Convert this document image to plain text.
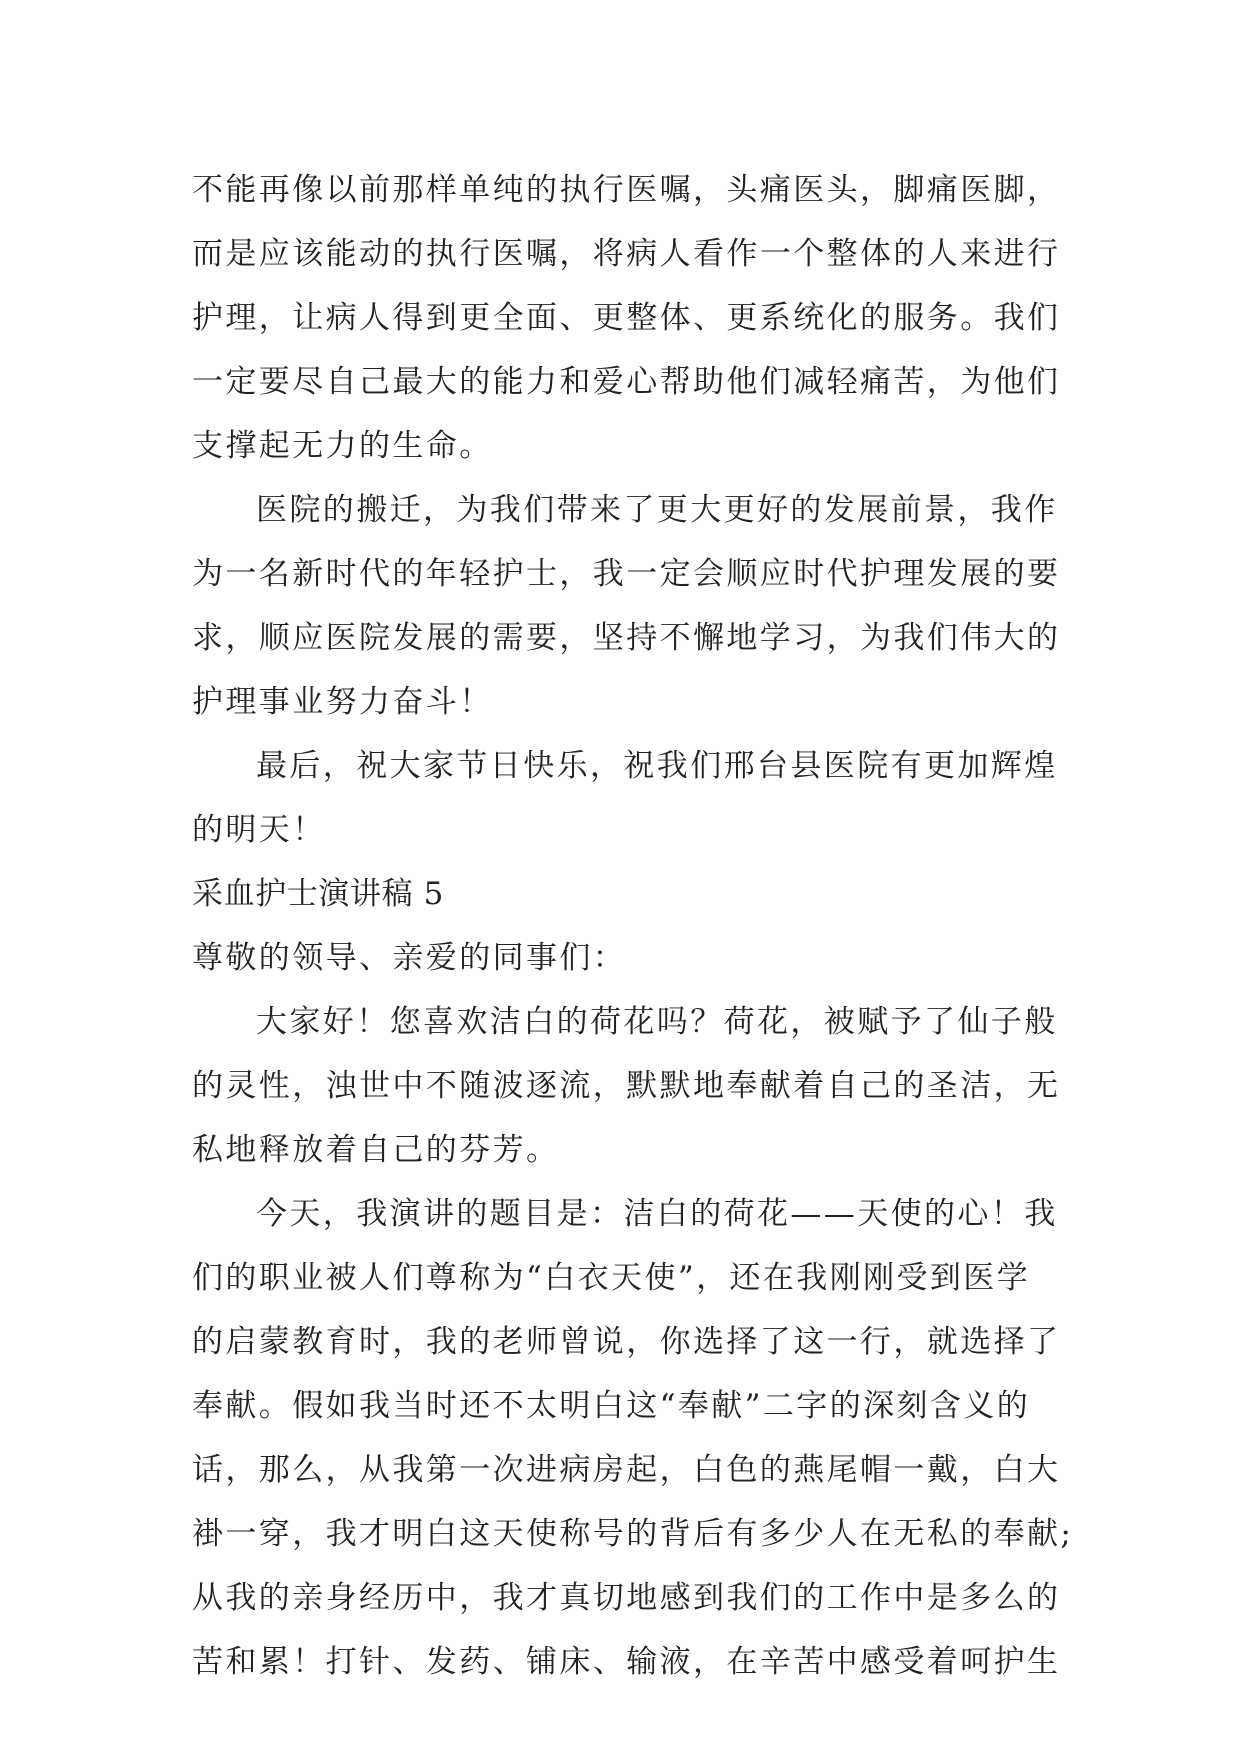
不能再像以前那样单纯的执行医嘱，头痛医头，脚痛医脚，
而是应该能动的执行医嘱，将病人看作一个整体的人来进行
护理，让病人得到更全面、更整体、更系统化的服务。我们
一定要尽自己最大的能力和爱心帮助他们减轻痛苦，为他们
支撑起无力的生命。
医院的搬迁，为我们带来了更大更好的发展前景，我作
为一名新时代的年轻护士，我一定会顺应时代护理发展的要
求，顺应医院发展的需要，坚持不懈地学习，为我们伟大的
护理事业努力奋斗！
最后，祝大家节日快乐，祝我们邢台县医院有更加辉煌
的明天！
采血护士演讲稿 5
尊敬的领导、亲爱的同事们：
大家好！您喜欢洁白的荷花吗？荷花，被赋予了仙子般
的灵性，浊世中不随波逐流，默默地奉献着自己的圣洁，无
私地释放着自己的芬芳。
今天，我演讲的题目是：洁白的荷花——天使的心！我
们的职业被人们尊称为“白衣天使”，还在我刚刚受到医学
的启蒙教育时，我的老师曾说，你选择了这一行，就选择了
奉献。假如我当时还不太明白这“奉献”二字的深刻含义的
话，那么，从我第一次进病房起，白色的燕尾帽一戴，白大
褂一穿，我才明白这天使称号的背后有多少人在无私的奉献;
从我的亲身经历中，我才真切地感到我们的工作中是多么的
苦和累！打针、发药、铺床、输液，在辛苦中感受着呵护生
